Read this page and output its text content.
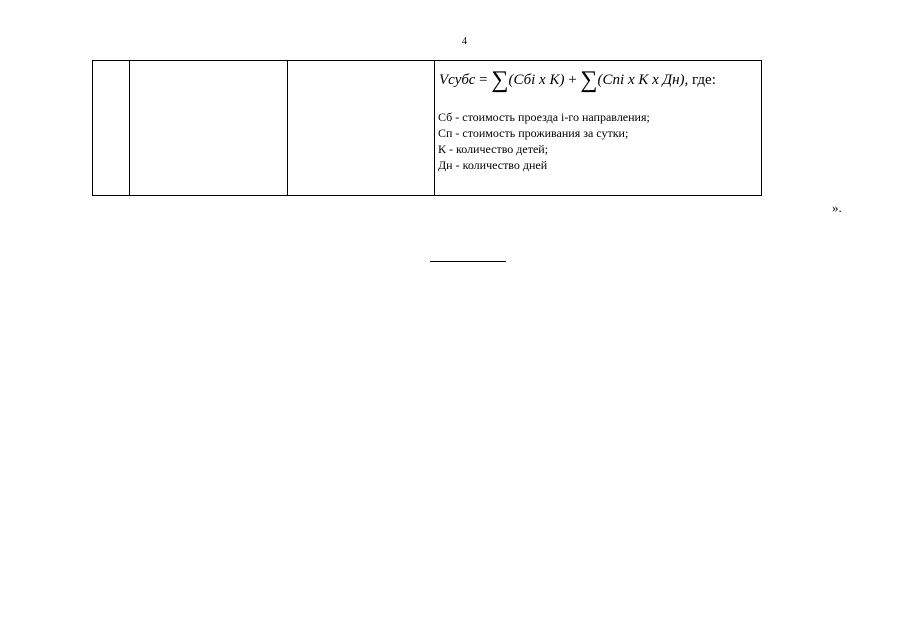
4

Vсубс = ∑(Сбi x K) + ∑(Спi x K x Дн), где:
Сб - стоимость проезда i-го направления;
Сп - стоимость проживания за сутки;
К - количество детей;
Дн - количество дней
».
